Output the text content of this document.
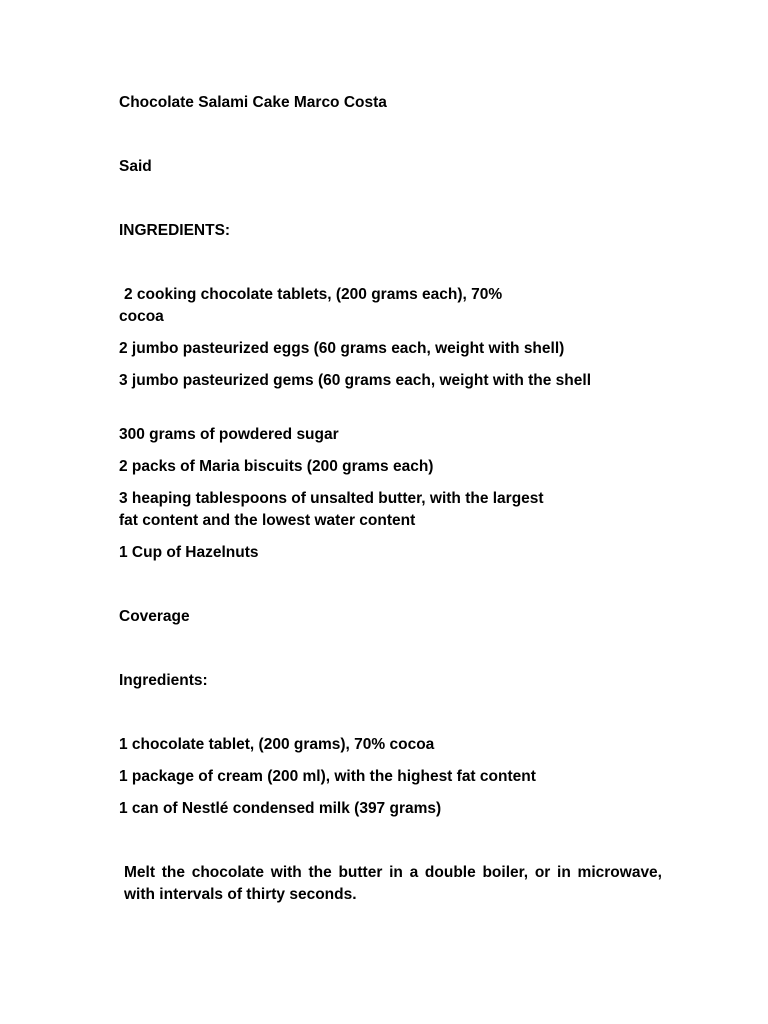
Chocolate Salami Cake Marco Costa

Said

INGREDIENTS:

2 cooking chocolate tablets, (200 grams each), 70%

cocoa

2 jumbo pasteurized eggs (60 grams each, weight with shell)

3 jumbo pasteurized gems (60 grams each, weight with the shell

300 grams of powdered sugar

2 packs of Maria biscuits (200 grams each)

3 heaping tablespoons of unsalted butter, with the largest

fat content and the lowest water content

1 Cup of Hazelnuts

Coverage

Ingredients:

1 chocolate tablet, (200 grams), 70% cocoa

1 package of cream (200 ml), with the highest fat content

1 can of Nestlé condensed milk (397 grams)

Melt the chocolate with the butter in a double boiler, or in microwave, with intervals of thirty seconds.
